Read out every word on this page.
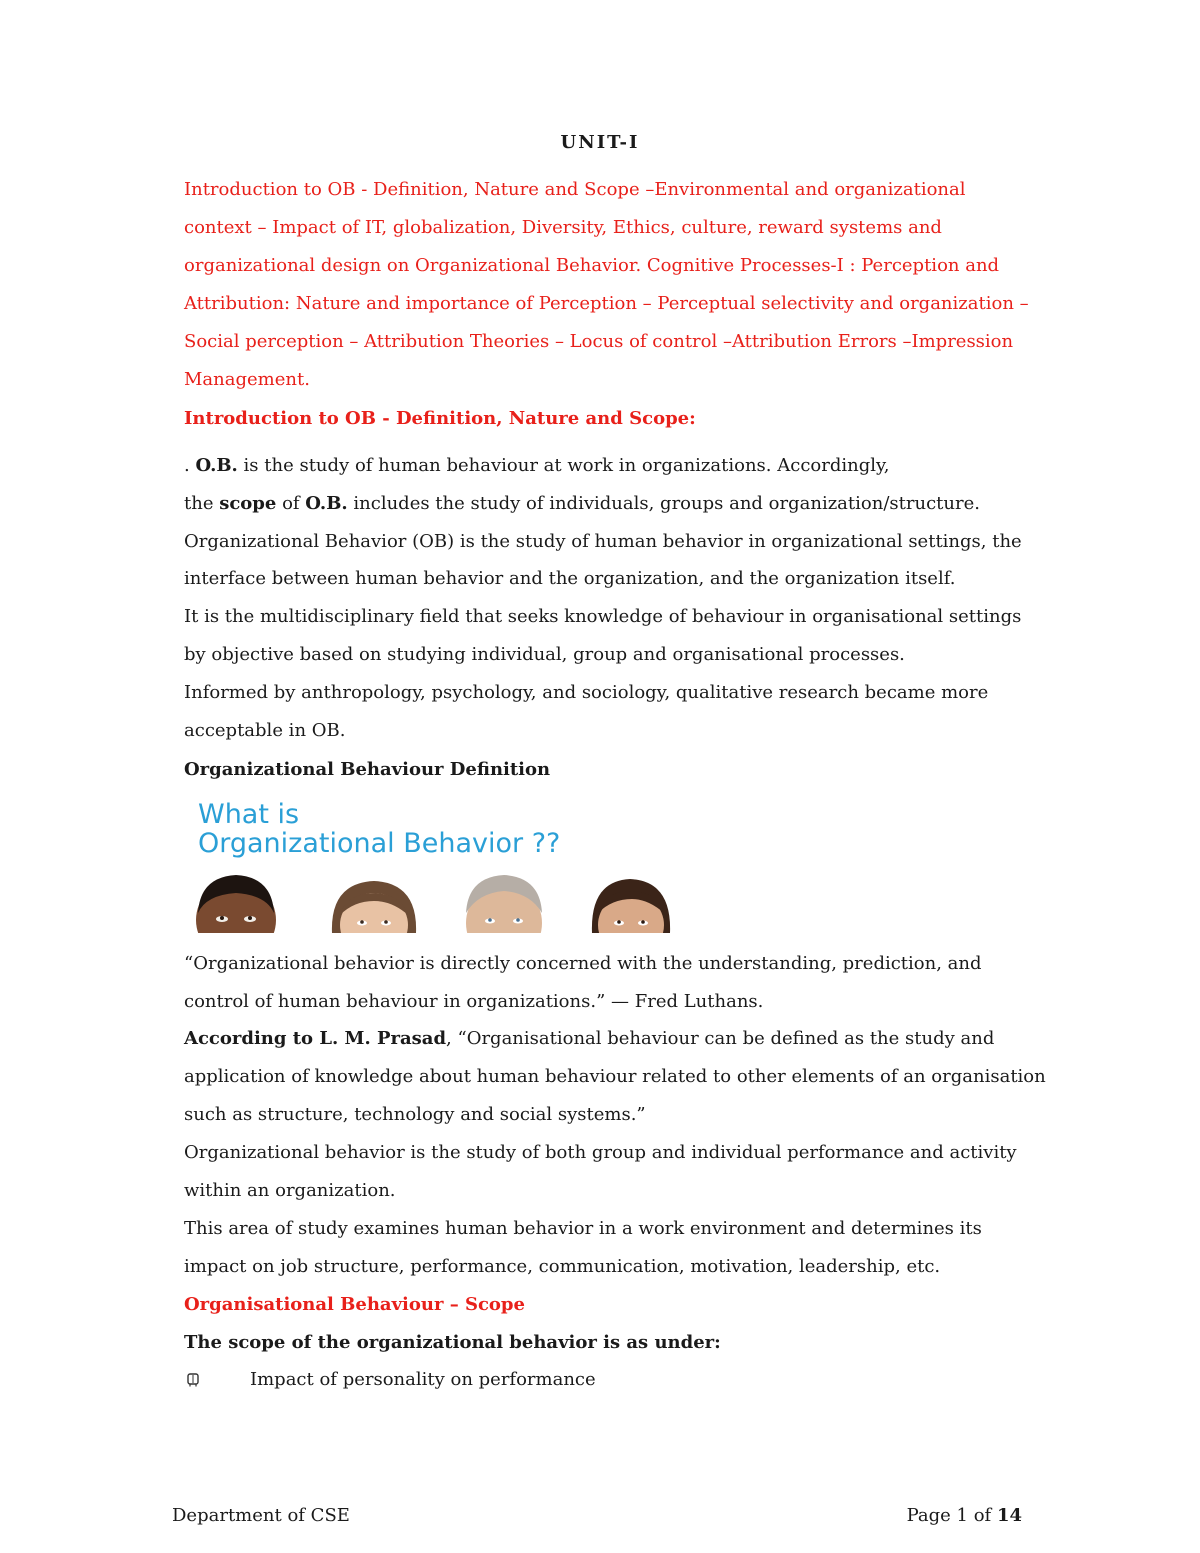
UNIT-I
Introduction to OB - Definition, Nature and Scope –Environmental and organizational
context – Impact of IT, globalization, Diversity, Ethics, culture, reward systems and
organizational design on Organizational Behavior. Cognitive Processes-I : Perception and
Attribution: Nature and importance of Perception – Perceptual selectivity and organization –
Social perception – Attribution Theories – Locus of control –Attribution Errors –Impression
Management.
Introduction to OB - Definition, Nature and Scope:
. O.B. is the study of human behaviour at work in organizations. Accordingly,
the scope of O.B. includes the study of individuals, groups and organization/structure.
Organizational Behavior (OB) is the study of human behavior in organizational settings, the
interface between human behavior and the organization, and the organization itself.
It is the multidisciplinary field that seeks knowledge of behaviour in organisational settings
by objective based on studying individual, group and organisational processes.
Informed by anthropology, psychology, and sociology, qualitative research became more
acceptable in OB.
Organizational Behaviour Definition
What is
Organizational Behavior ??
“Organizational behavior is directly concerned with the understanding, prediction, and
control of human behaviour in organizations.” — Fred Luthans.
According to L. M. Prasad, “Organisational behaviour can be defined as the study and
application of knowledge about human behaviour related to other elements of an organisation
such as structure, technology and social systems.”
Organizational behavior is the study of both group and individual performance and activity
within an organization.
This area of study examines human behavior in a work environment and determines its
impact on job structure, performance, communication, motivation, leadership, etc.
Organisational Behaviour – Scope
The scope of the organizational behavior is as under:
Impact of personality on performance
Department of CSE	Page 1 of 14
